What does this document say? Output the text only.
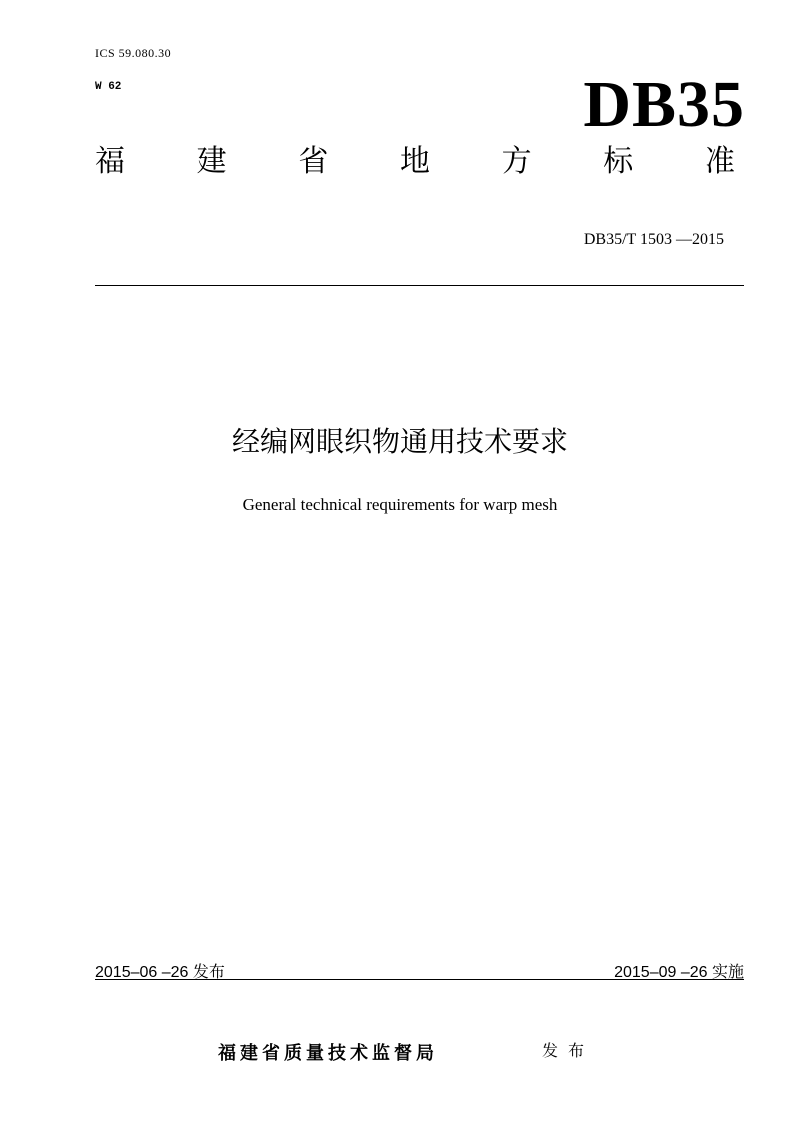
ICS 59.080.30
W 62	DB35
福 建 省 地 方 标 准
DB35/T 1503 —2015
经编网眼织物通用技术要求
General technical requirements for warp mesh
2015–06 –26 发布	2015–09 –26 实施
福建省质量技术监督局	发布
